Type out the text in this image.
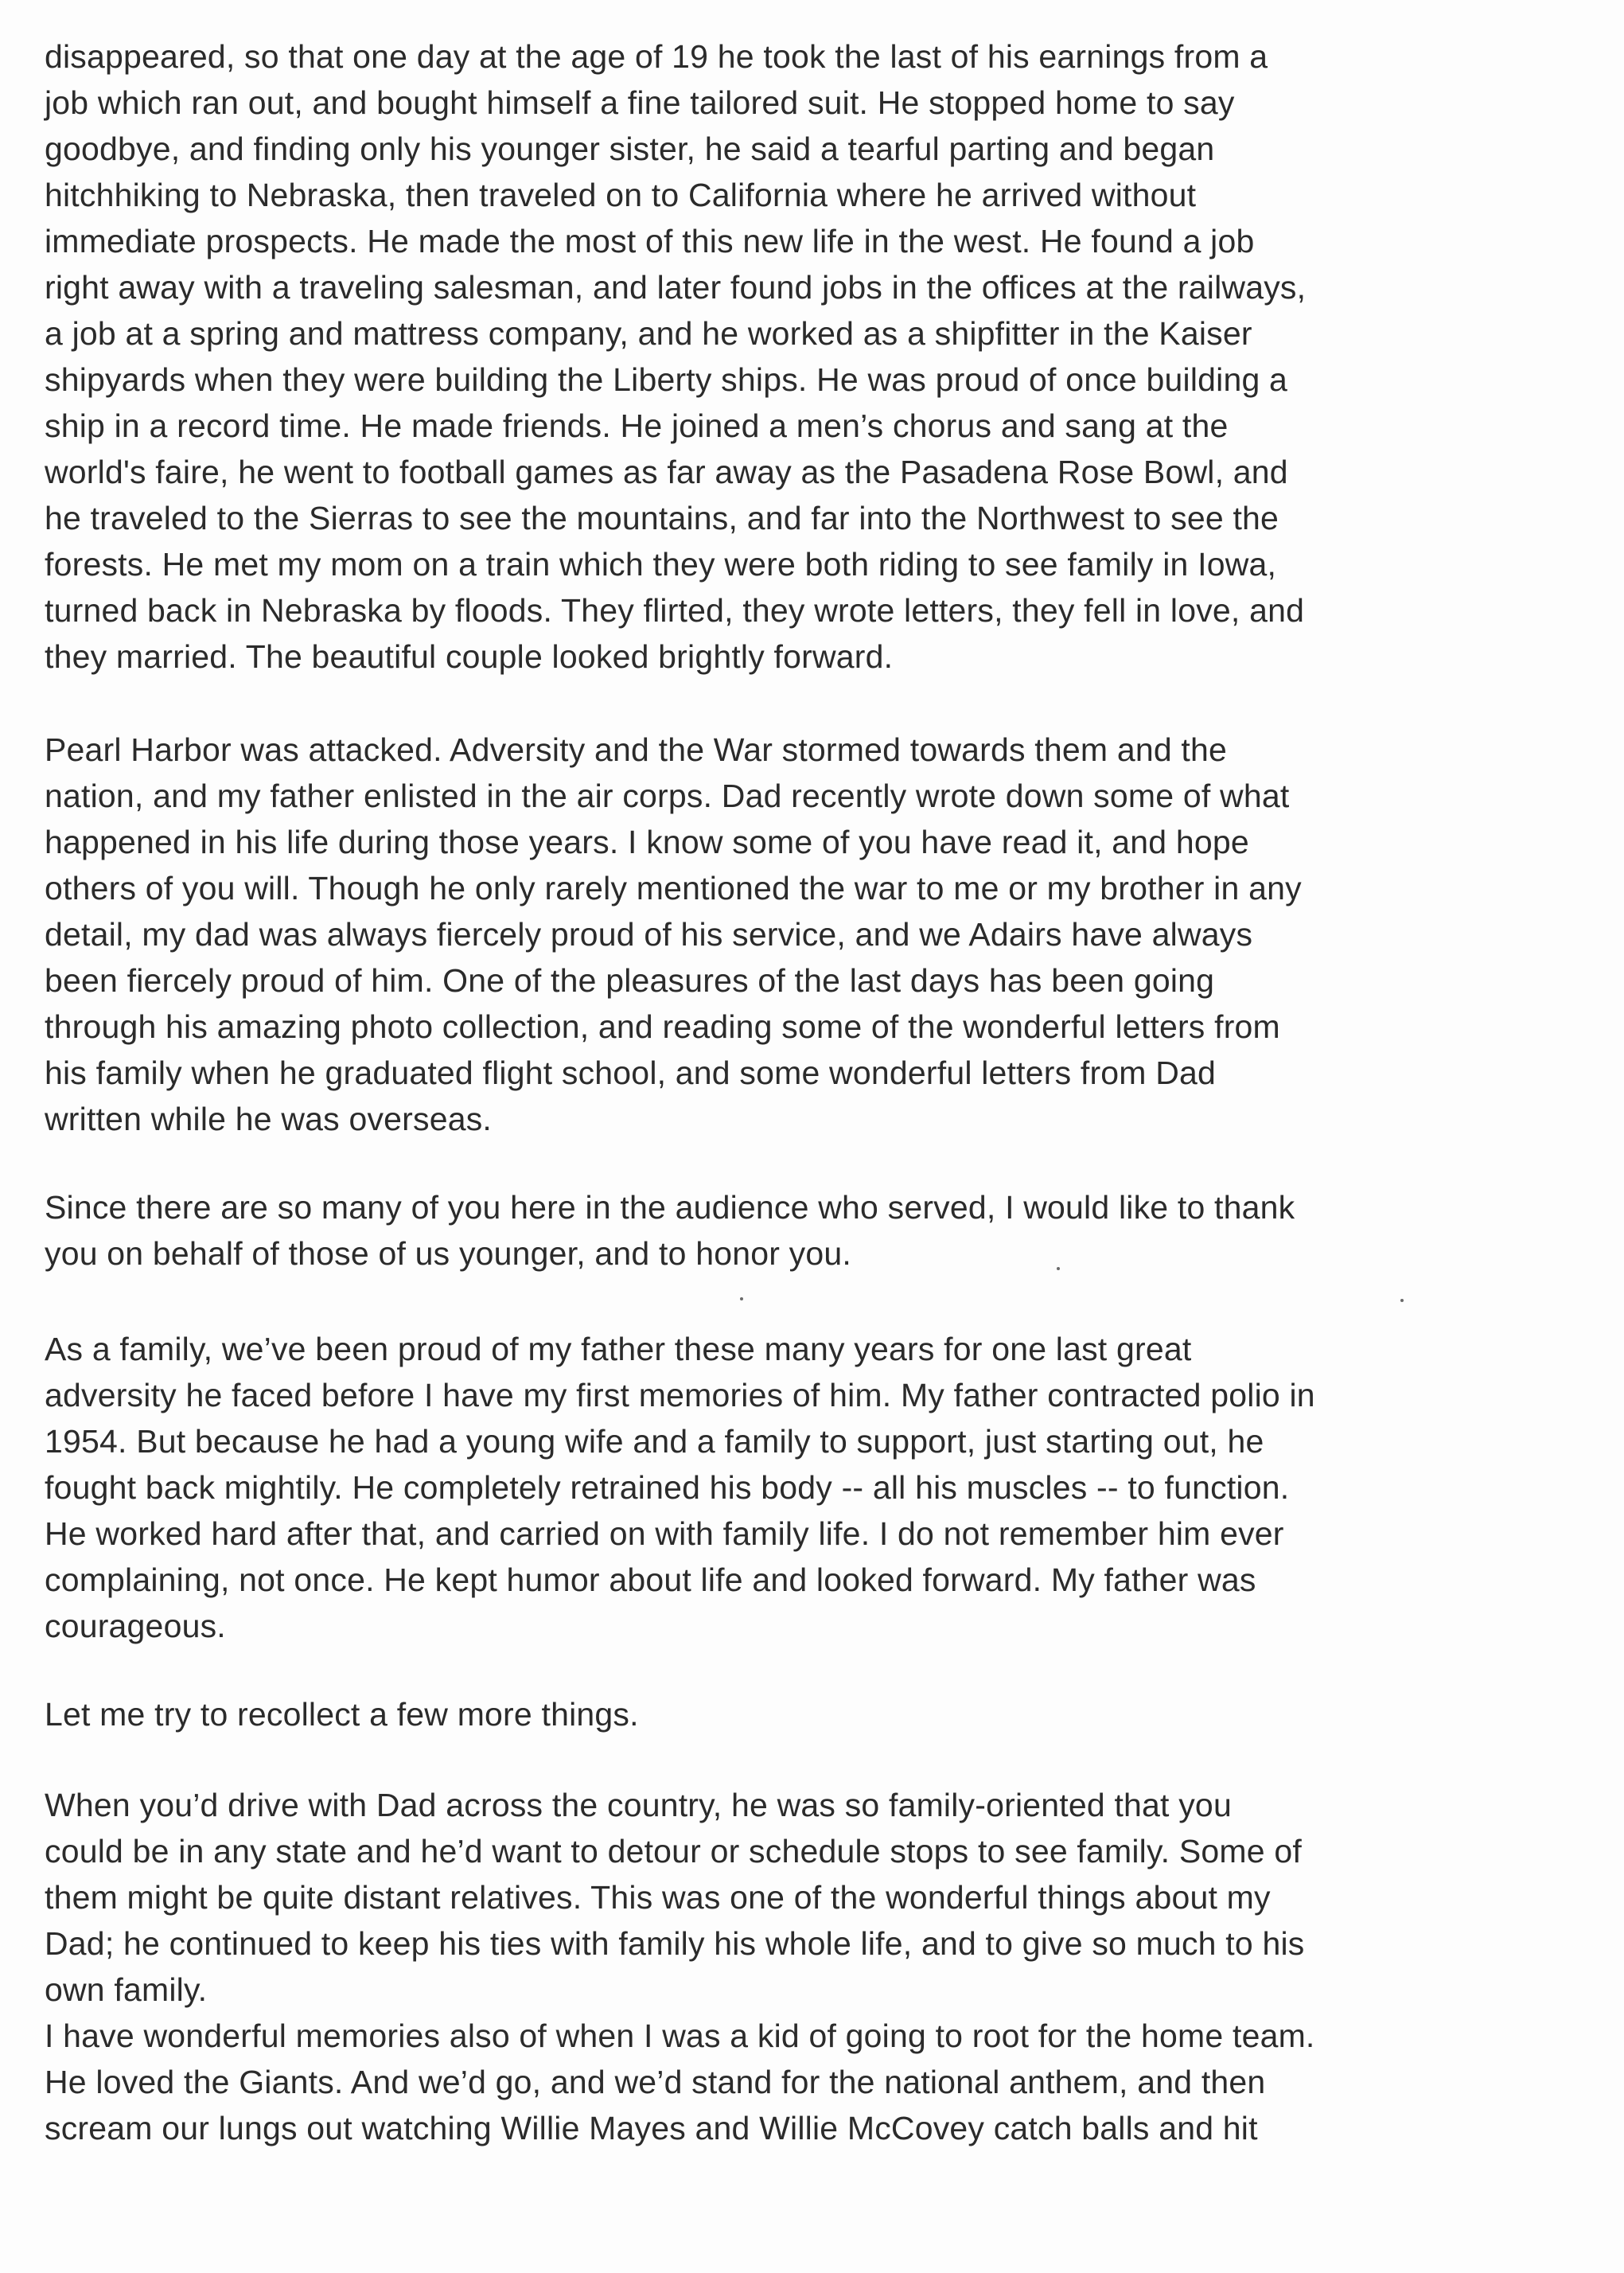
disappeared, so that one day at the age of 19 he took the last of his earnings from a
job which ran out, and bought himself a fine tailored suit. He stopped home to say
goodbye, and finding only his younger sister, he said a tearful parting and began
hitchhiking to Nebraska, then traveled on to California where he arrived without
immediate prospects. He made the most of this new life in the west. He found a job
right away with a traveling salesman, and later found jobs in the offices at the railways,
a job at a spring and mattress company, and he worked as a shipfitter in the Kaiser
shipyards when they were building the Liberty ships. He was proud of once building a
ship in a record time. He made friends. He joined a men’s chorus and sang at the
world's faire, he went to football games as far away as the Pasadena Rose Bowl, and
he traveled to the Sierras to see the mountains, and far into the Northwest to see the
forests. He met my mom on a train which they were both riding to see family in Iowa,
turned back in Nebraska by floods. They flirted, they wrote letters, they fell in love, and
they married. The beautiful couple looked brightly forward.
Pearl Harbor was attacked. Adversity and the War stormed towards them and the
nation, and my father enlisted in the air corps. Dad recently wrote down some of what
happened in his life during those years. I know some of you have read it, and hope
others of you will. Though he only rarely mentioned the war to me or my brother in any
detail, my dad was always fiercely proud of his service, and we Adairs have always
been fiercely proud of him. One of the pleasures of the last days has been going
through his amazing photo collection, and reading some of the wonderful letters from
his family when he graduated flight school, and some wonderful letters from Dad
written while he was overseas.
Since there are so many of you here in the audience who served, I would like to thank
you on behalf of those of us younger, and to honor you.
As a family, we’ve been proud of my father these many years for one last great
adversity he faced before I have my first memories of him. My father contracted polio in
1954. But because he had a young wife and a family to support, just starting out, he
fought back mightily. He completely retrained his body -- all his muscles -- to function.
He worked hard after that, and carried on with family life. I do not remember him ever
complaining, not once. He kept humor about life and looked forward. My father was
courageous.
Let me try to recollect a few more things.
When you’d drive with Dad across the country, he was so family-oriented that you
could be in any state and he’d want to detour or schedule stops to see family. Some of
them might be quite distant relatives. This was one of the wonderful things about my
Dad; he continued to keep his ties with family his whole life, and to give so much to his
own family.
I have wonderful memories also of when I was a kid of going to root for the home team.
He loved the Giants. And we’d go, and we’d stand for the national anthem, and then
scream our lungs out watching Willie Mayes and Willie McCovey catch balls and hit
